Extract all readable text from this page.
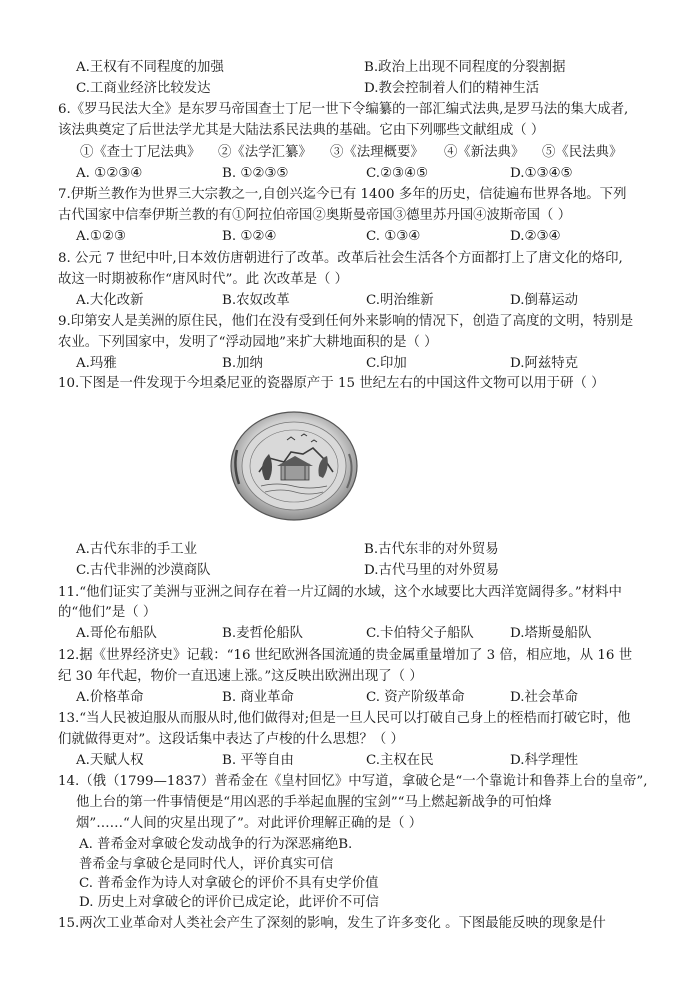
A.王权有不同程度的加强	B.政治上出现不同程度的分裂割据
C.工商业经济比较发达	D.教会控制着人们的精神生活
6.《罗马民法大全》是东罗马帝国查士丁尼一世下令编纂的一部汇编式法典,是罗马法的集大成者,
该法典奠定了后世法学尤其是大陆法系民法典的基础。它由下列哪些文献组成（ ）
①《查士丁尼法典》 ②《法学汇纂》 ③《法理概要》 ④《新法典》 ⑤《民法典》
A. ①②③④	B. ①②③⑤	C.②③④⑤	D.①③④⑤
7.伊斯兰教作为世界三大宗教之一,自创兴迄今已有 1400 多年的历史，信徒遍布世界各地。下列
古代国家中信奉伊斯兰教的有①阿拉伯帝国②奥斯曼帝国③德里苏丹国④波斯帝国（ ）
A.①②③	B. ①②④	C. ①③④	D.②③④
8. 公元 7 世纪中叶,日本效仿唐朝进行了改革。改革后社会生活各个方面都打上了唐文化的烙印,
故这一时期被称作“唐风时代”。此 次改革是（ ）
A.大化改新	B.农奴改革	C.明治维新	D.倒幕运动
9.印第安人是美洲的原住民，他们在没有受到任何外来影响的情况下，创造了高度的文明，特别是
农业。下列国家中，发明了“浮动园地”来扩大耕地面积的是（ ）
A.玛雅	B.加纳	C.印加	D.阿兹特克
10.下图是一件发现于今坦桑尼亚的瓷器原产于 15 世纪左右的中国这件文物可以用于研（ ）
A.古代东非的手工业	B.古代东非的对外贸易
C.古代非洲的沙漠商队	D.古代马里的对外贸易
11.“他们证实了美洲与亚洲之间存在着一片辽阔的水域，这个水域要比大西洋宽阔得多。”材料中
的“他们”是（ ）
A.哥伦布船队	B.麦哲伦船队	C.卡伯特父子船队	D.塔斯曼船队
12.据《世界经济史》记载：“16 世纪欧洲各国流通的贵金属重量增加了 3 倍，相应地，从 16 世
纪 30 年代起，物价一直迅速上涨。”这反映出欧洲出现了（ ）
A.价格革命	B. 商业革命	C. 资产阶级革命	D.社会革命
13.“当人民被迫服从而服从时,他们做得对;但是一旦人民可以打破自己身上的桎梏而打破它时，他
们就做得更对”。这段话集中表达了卢梭的什么思想？（ ）
A.天赋人权	B. 平等自由	C.主权在民	D.科学理性
14.（俄（1799—1837）普希金在《皇村回忆》中写道，拿破仑是“一个靠诡计和鲁莽上台的皇帝”,
他上台的第一件事情便是“用凶恶的手举起血腥的宝剑”“马上燃起新战争的可怕烽
烟”……“人间的灾星出现了”。对此评价理解正确的是（ ）
A. 普希金对拿破仑发动战争的行为深恶痛绝B.
普希金与拿破仑是同时代人，评价真实可信
C. 普希金作为诗人对拿破仑的评价不具有史学价值
D. 历史上对拿破仑的评价已成定论，此评价不可信
15.两次工业革命对人类社会产生了深刻的影响，发生了许多变化 。下图最能反映的现象是什
